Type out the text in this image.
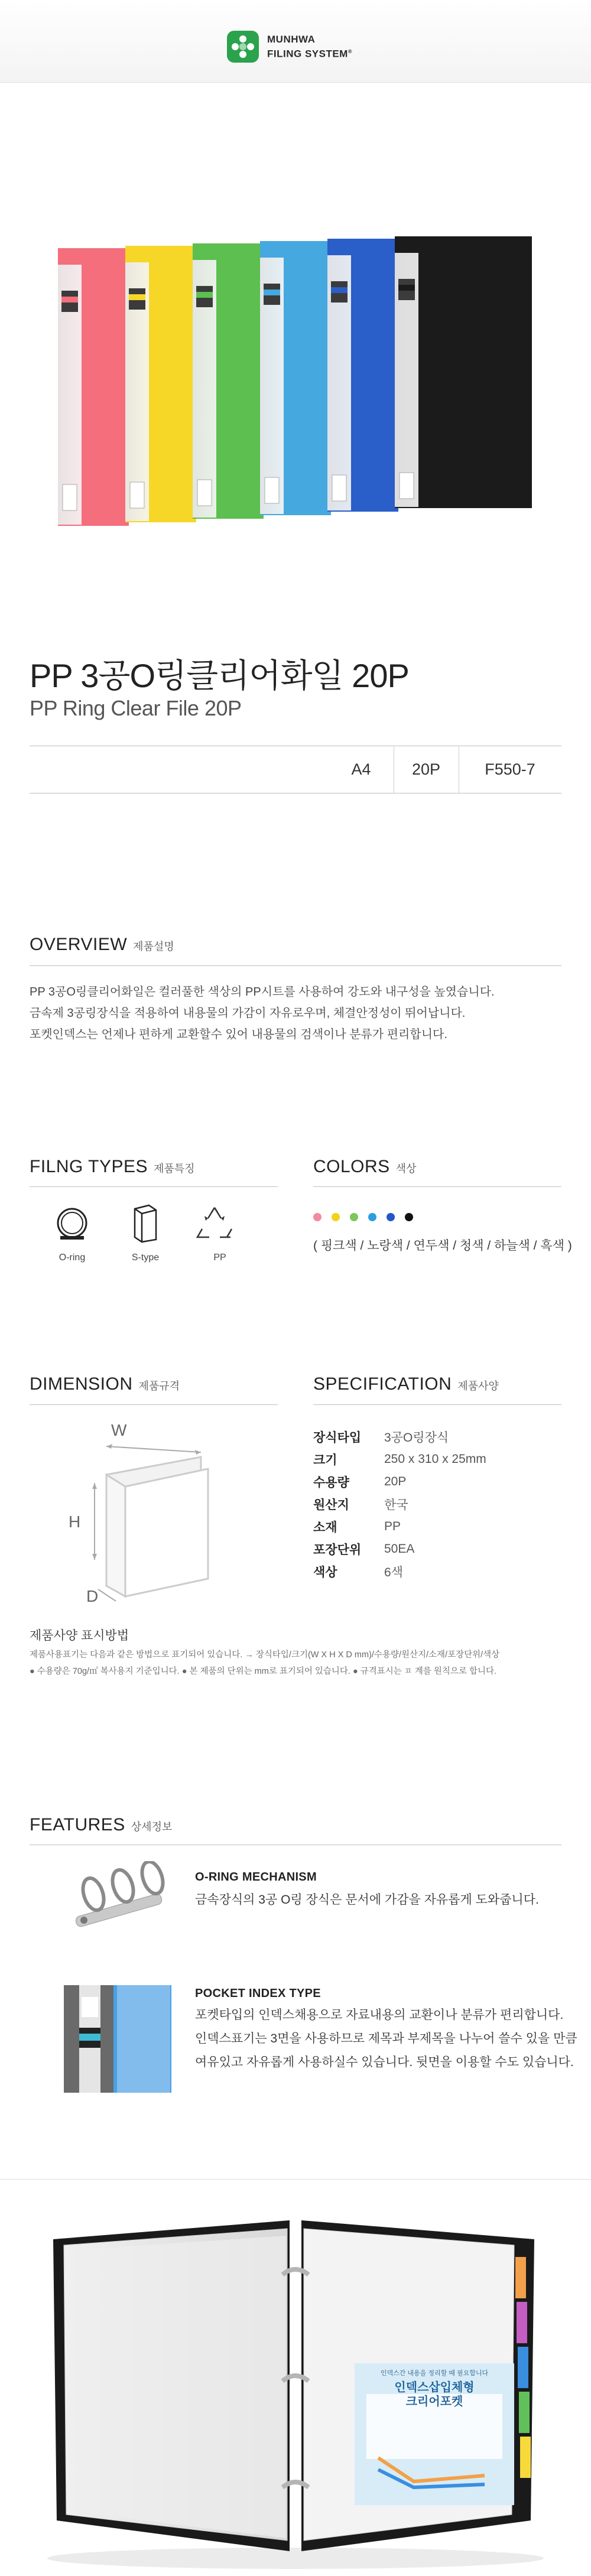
MUNHWA
FILING SYSTEM®
PP 3공O링클리어화일 20P
PP Ring Clear File 20P
A4	20P	F550-7
OVERVIEW 제품설명
PP 3공O링클리어화일은 컬러풀한 색상의 PP시트를 사용하여 강도와 내구성을 높였습니다.
금속제 3공링장식을 적용하여 내용물의 가감이 자유로우며, 체결안정성이 뛰어납니다.
포켓인덱스는 언제나 편하게 교환할수 있어 내용물의 검색이나 분류가 편리합니다.
FILNG TYPES 제품특징
O-ring	S-type	PP
COLORS 색상
( 핑크색 / 노랑색 / 연두색 / 청색 / 하늘색 / 흑색 )
DIMENSION 제품규격
W
H
D
SPECIFICATION 제품사양
장식타입	3공O링장식
크기	250 x 310 x 25mm
수용량	20P
원산지	한국
소재	PP
포장단위	50EA
색상	6색
제품사양 표시방법
제품사용표기는 다음과 같은 방법으로 표기되어 있습니다. → 장식타입/크기(W X H X D mm)/수용량/원산지/소재/포장단위/색상
● 수용량은 70g/㎡ 복사용지 기준입니다. ● 본 제품의 단위는 mm로 표기되어 있습니다. ● 규격표시는 ㅍ 계를 원칙으로 합니다.
FEATURES 상세정보
O-RING MECHANISM
금속장식의 3공 O링 장식은 문서에 가감을 자유롭게 도와줍니다.
POCKET INDEX TYPE
포켓타입의 인덱스채용으로 자료내용의 교환이나 분류가 편리합니다.
인덱스표기는 3면을 사용하므로 제목과 부제목을 나누어 쓸수 있을 만큼
여유있고 자유롭게 사용하실수 있습니다. 뒷면을 이용할 수도 있습니다.
인덱스간 내용을 정리할 때 필요합니다
인덱스삽입체형
크리어포켓
